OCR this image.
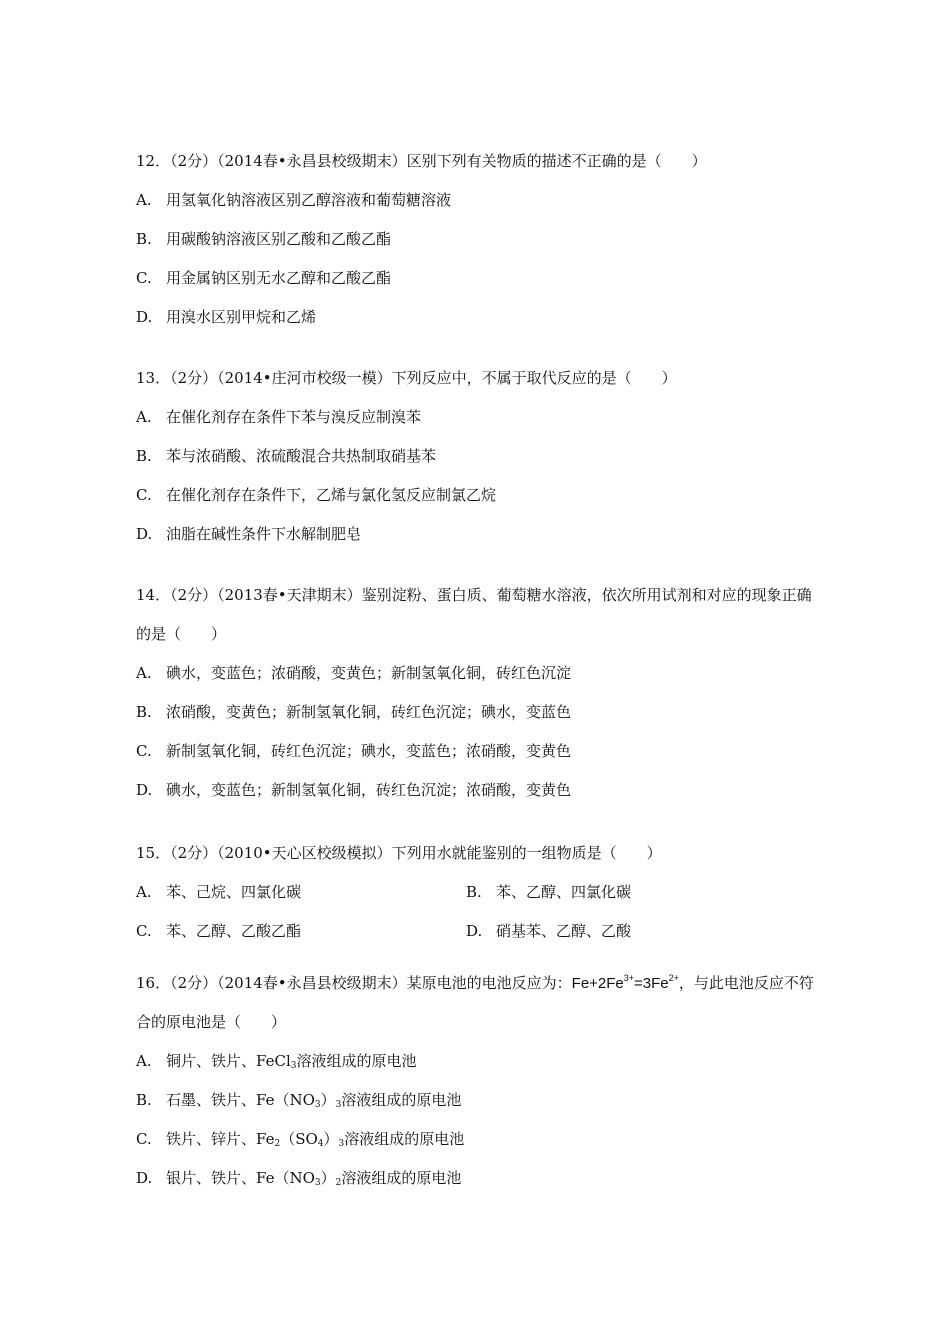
12．（2分）（2014春•永昌县校级期末）区别下列有关物质的描述不正确的是（　　）
A. 用氢氧化钠溶液区别乙醇溶液和葡萄糖溶液
B. 用碳酸钠溶液区别乙酸和乙酸乙酯
C. 用金属钠区别无水乙醇和乙酸乙酯
D. 用溴水区别甲烷和乙烯
13．（2分）（2014•庄河市校级一模）下列反应中，不属于取代反应的是（　　）
A. 在催化剂存在条件下苯与溴反应制溴苯
B. 苯与浓硝酸、浓硫酸混合共热制取硝基苯
C. 在催化剂存在条件下，乙烯与氯化氢反应制氯乙烷
D. 油脂在碱性条件下水解制肥皂
14．（2分）（2013春•天津期末）鉴别淀粉、蛋白质、葡萄糖水溶液，依次所用试剂和对应的现象正确的是（　　）
A. 碘水，变蓝色；浓硝酸，变黄色；新制氢氧化铜，砖红色沉淀
B. 浓硝酸，变黄色；新制氢氧化铜，砖红色沉淀；碘水，变蓝色
C. 新制氢氧化铜，砖红色沉淀；碘水，变蓝色；浓硝酸，变黄色
D. 碘水，变蓝色；新制氢氧化铜，砖红色沉淀；浓硝酸，变黄色
15．（2分）（2010•天心区校级模拟）下列用水就能鉴别的一组物质是（　　）
A. 苯、己烷、四氯化碳	B. 苯、乙醇、四氯化碳
C. 苯、乙醇、乙酸乙酯	D. 硝基苯、乙醇、乙酸
16．（2分）（2014春•永昌县校级期末）某原电池的电池反应为：$Fe+2Fe^{3+}=3Fe^{2+}$，与此电池反应不符合的原电池是（　　）
A. 铜片、铁片、FeCl$_3$溶液组成的原电池
B. 石墨、铁片、$Fe(NO_3)_3$溶液组成的原电池
C. 铁片、锌片、$Fe_2(SO_4)_3$溶液组成的原电池
D. 银片、铁片、$Fe(NO_3)_2$溶液组成的原电池
